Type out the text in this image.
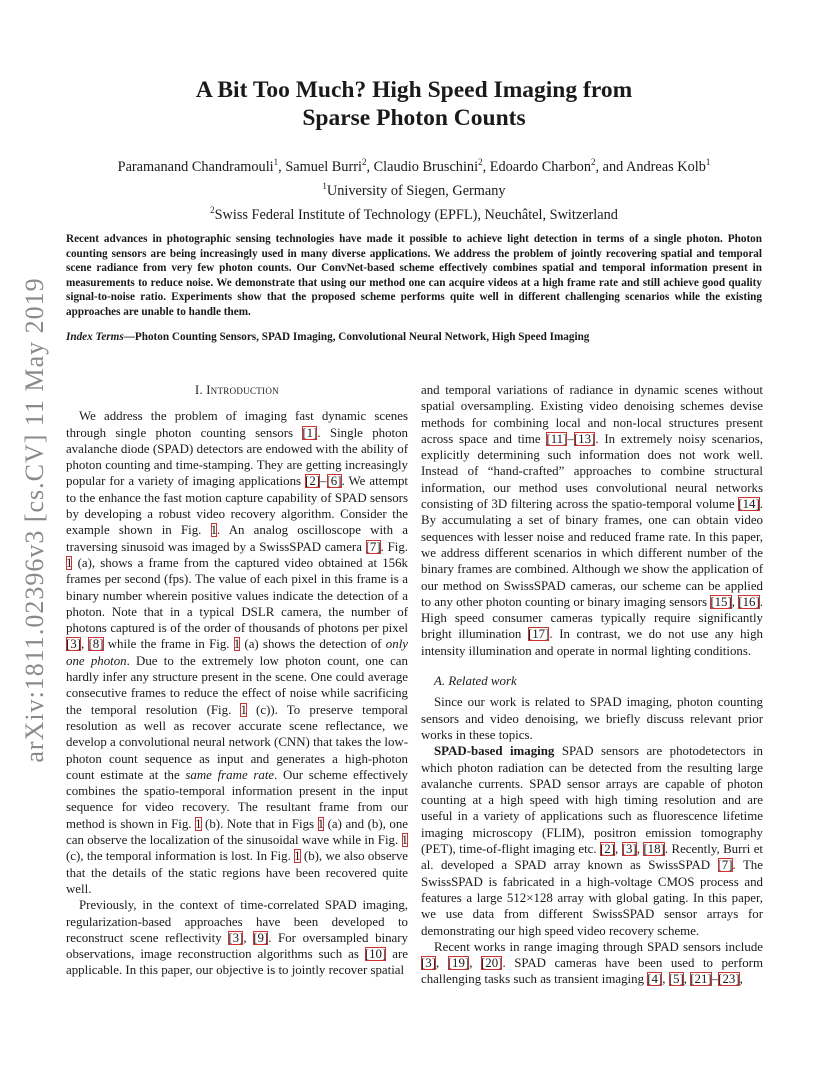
arXiv:1811.02396v3 [cs.CV] 11 May 2019
A Bit Too Much? High Speed Imaging from
Sparse Photon Counts
Paramanand Chandramouli$^1$, Samuel Burri$^2$, Claudio Bruschini$^2$, Edoardo Charbon$^2$, and Andreas Kolb$^1$
$^1$University of Siegen, Germany
$^2$Swiss Federal Institute of Technology (EPFL), Neuchâtel, Switzerland
Recent advances in photographic sensing technologies have made it possible to achieve light detection in terms of a single photon. Photon counting sensors are being increasingly used in many diverse applications. We address the problem of jointly recovering spatial and temporal scene radiance from very few photon counts. Our ConvNet-based scheme effectively combines spatial and temporal information present in measurements to reduce noise. We demonstrate that using our method one can acquire videos at a high frame rate and still achieve good quality signal-to-noise ratio. Experiments show that the proposed scheme performs quite well in different challenging scenarios while the existing approaches are unable to handle them.
Index Terms—Photon Counting Sensors, SPAD Imaging, Convolutional Neural Network, High Speed Imaging
I. Introduction

We address the problem of imaging fast dynamic scenes through single photon counting sensors [1]. Single photon avalanche diode (SPAD) detectors are endowed with the ability of photon counting and time-stamping. They are getting increasingly popular for a variety of imaging applications [2]–[6]. We attempt to the enhance the fast motion capture capability of SPAD sensors by developing a robust video recovery algorithm. Consider the example shown in Fig. 1. An analog oscilloscope with a traversing sinusoid was imaged by a SwissSPAD camera [7]. Fig. 1 (a), shows a frame from the captured video obtained at 156k frames per second (fps). The value of each pixel in this frame is a binary number wherein positive values indicate the detection of a photon. Note that in a typical DSLR camera, the number of photons captured is of the order of thousands of photons per pixel [3], [8] while the frame in Fig. 1 (a) shows the detection of only one photon. Due to the extremely low photon count, one can hardly infer any structure present in the scene. One could average consecutive frames to reduce the effect of noise while sacrificing the temporal resolution (Fig. 1 (c)). To preserve temporal resolution as well as recover accurate scene reflectance, we develop a convolutional neural network (CNN) that takes the low-photon count sequence as input and generates a high-photon count estimate at the same frame rate. Our scheme effectively combines the spatio-temporal information present in the input sequence for video recovery. The resultant frame from our method is shown in Fig. 1 (b). Note that in Figs 1 (a) and (b), one can observe the localization of the sinusoidal wave while in Fig. 1 (c), the temporal information is lost. In Fig. 1 (b), we also observe that the details of the static regions have been recovered quite well.

Previously, in the context of time-correlated SPAD imaging, regularization-based approaches have been developed to reconstruct scene reflectivity [3], [9]. For oversampled binary observations, image reconstruction algorithms such as [10] are applicable. In this paper, our objective is to jointly recover spatial

and temporal variations of radiance in dynamic scenes without spatial oversampling. Existing video denoising schemes devise methods for combining local and non-local structures present across space and time [11]–[13]. In extremely noisy scenarios, explicitly determining such information does not work well. Instead of “hand-crafted” approaches to combine structural information, our method uses convolutional neural networks consisting of 3D filtering across the spatio-temporal volume [14]. By accumulating a set of binary frames, one can obtain video sequences with lesser noise and reduced frame rate. In this paper, we address different scenarios in which different number of the binary frames are combined. Although we show the application of our method on SwissSPAD cameras, our scheme can be applied to any other photon counting or binary imaging sensors [15], [16]. High speed consumer cameras typically require significantly bright illumination [17]. In contrast, we do not use any high intensity illumination and operate in normal lighting conditions.

A. Related work

Since our work is related to SPAD imaging, photon counting sensors and video denoising, we briefly discuss relevant prior works in these topics.

SPAD-based imaging SPAD sensors are photodetectors in which photon radiation can be detected from the resulting large avalanche currents. SPAD sensor arrays are capable of photon counting at a high speed with high timing resolution and are useful in a variety of applications such as fluorescence lifetime imaging microscopy (FLIM), positron emission tomography (PET), time-of-flight imaging etc. [2], [3], [18]. Recently, Burri et al. developed a SPAD array known as SwissSPAD [7]. The SwissSPAD is fabricated in a high-voltage CMOS process and features a large 512×128 array with global gating. In this paper, we use data from different SwissSPAD sensor arrays for demonstrating our high speed video recovery scheme.

Recent works in range imaging through SPAD sensors include [3], [19], [20]. SPAD cameras have been used to perform challenging tasks such as transient imaging [4], [5], [21]–[23],
